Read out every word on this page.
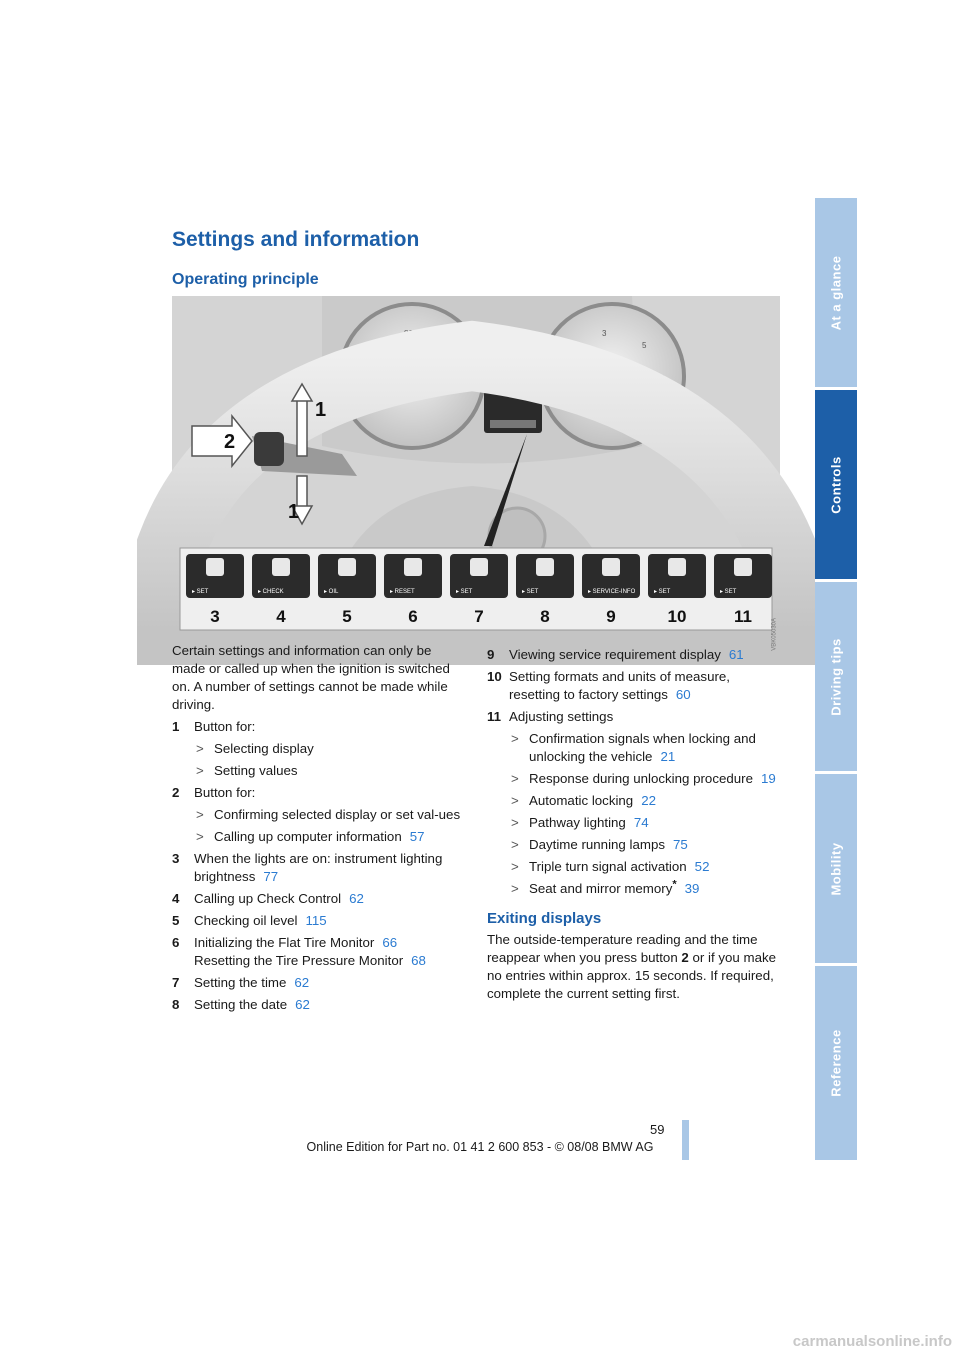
At a glance
Controls
Driving tips
Mobility
Reference
Settings and information
Operating principle
20
40
80
100
140	1
2
3
5
6
1
2
1
▸ SET
3
▸ CHECK
4
▸ OIL
5
▸ RESET
6
▸ SET
7
▸ SET
8
▸ SERVICE-INFO
9
▸ SET
10
▸ SET
11
VBK05030A

Certain settings and information can only be made or called up when the ignition is switched on. A number of settings cannot be made while driving.

1	Button for:
> Selecting display
> Setting values
2	Button for:
> Confirming selected display or set val-ues
> Calling up computer information 57
3	When the lights are on: instrument lighting brightness 77
4	Calling up Check Control 62
5	Checking oil level 115
6	Initializing the Flat Tire Monitor 66
Resetting the Tire Pressure Monitor 68
7	Setting the time 62
8	Setting the date 62
9	Viewing service requirement display 61
10 Setting formats and units of measure, resetting to factory settings 60
11 Adjusting settings
> Confirmation signals when locking and unlocking the vehicle 21
> Response during unlocking procedure 19
> Automatic locking 22
> Pathway lighting 74
> Daytime running lamps 75
> Triple turn signal activation 52
> Seat and mirror memory* 39
Exiting displays

The outside-temperature reading and the time reappear when you press button 2 or if you make no entries within approx. 15 seconds. If required, complete the current setting first.

59
Online Edition for Part no. 01 41 2 600 853 - © 08/08 BMW AG
carmanualsonline.info
